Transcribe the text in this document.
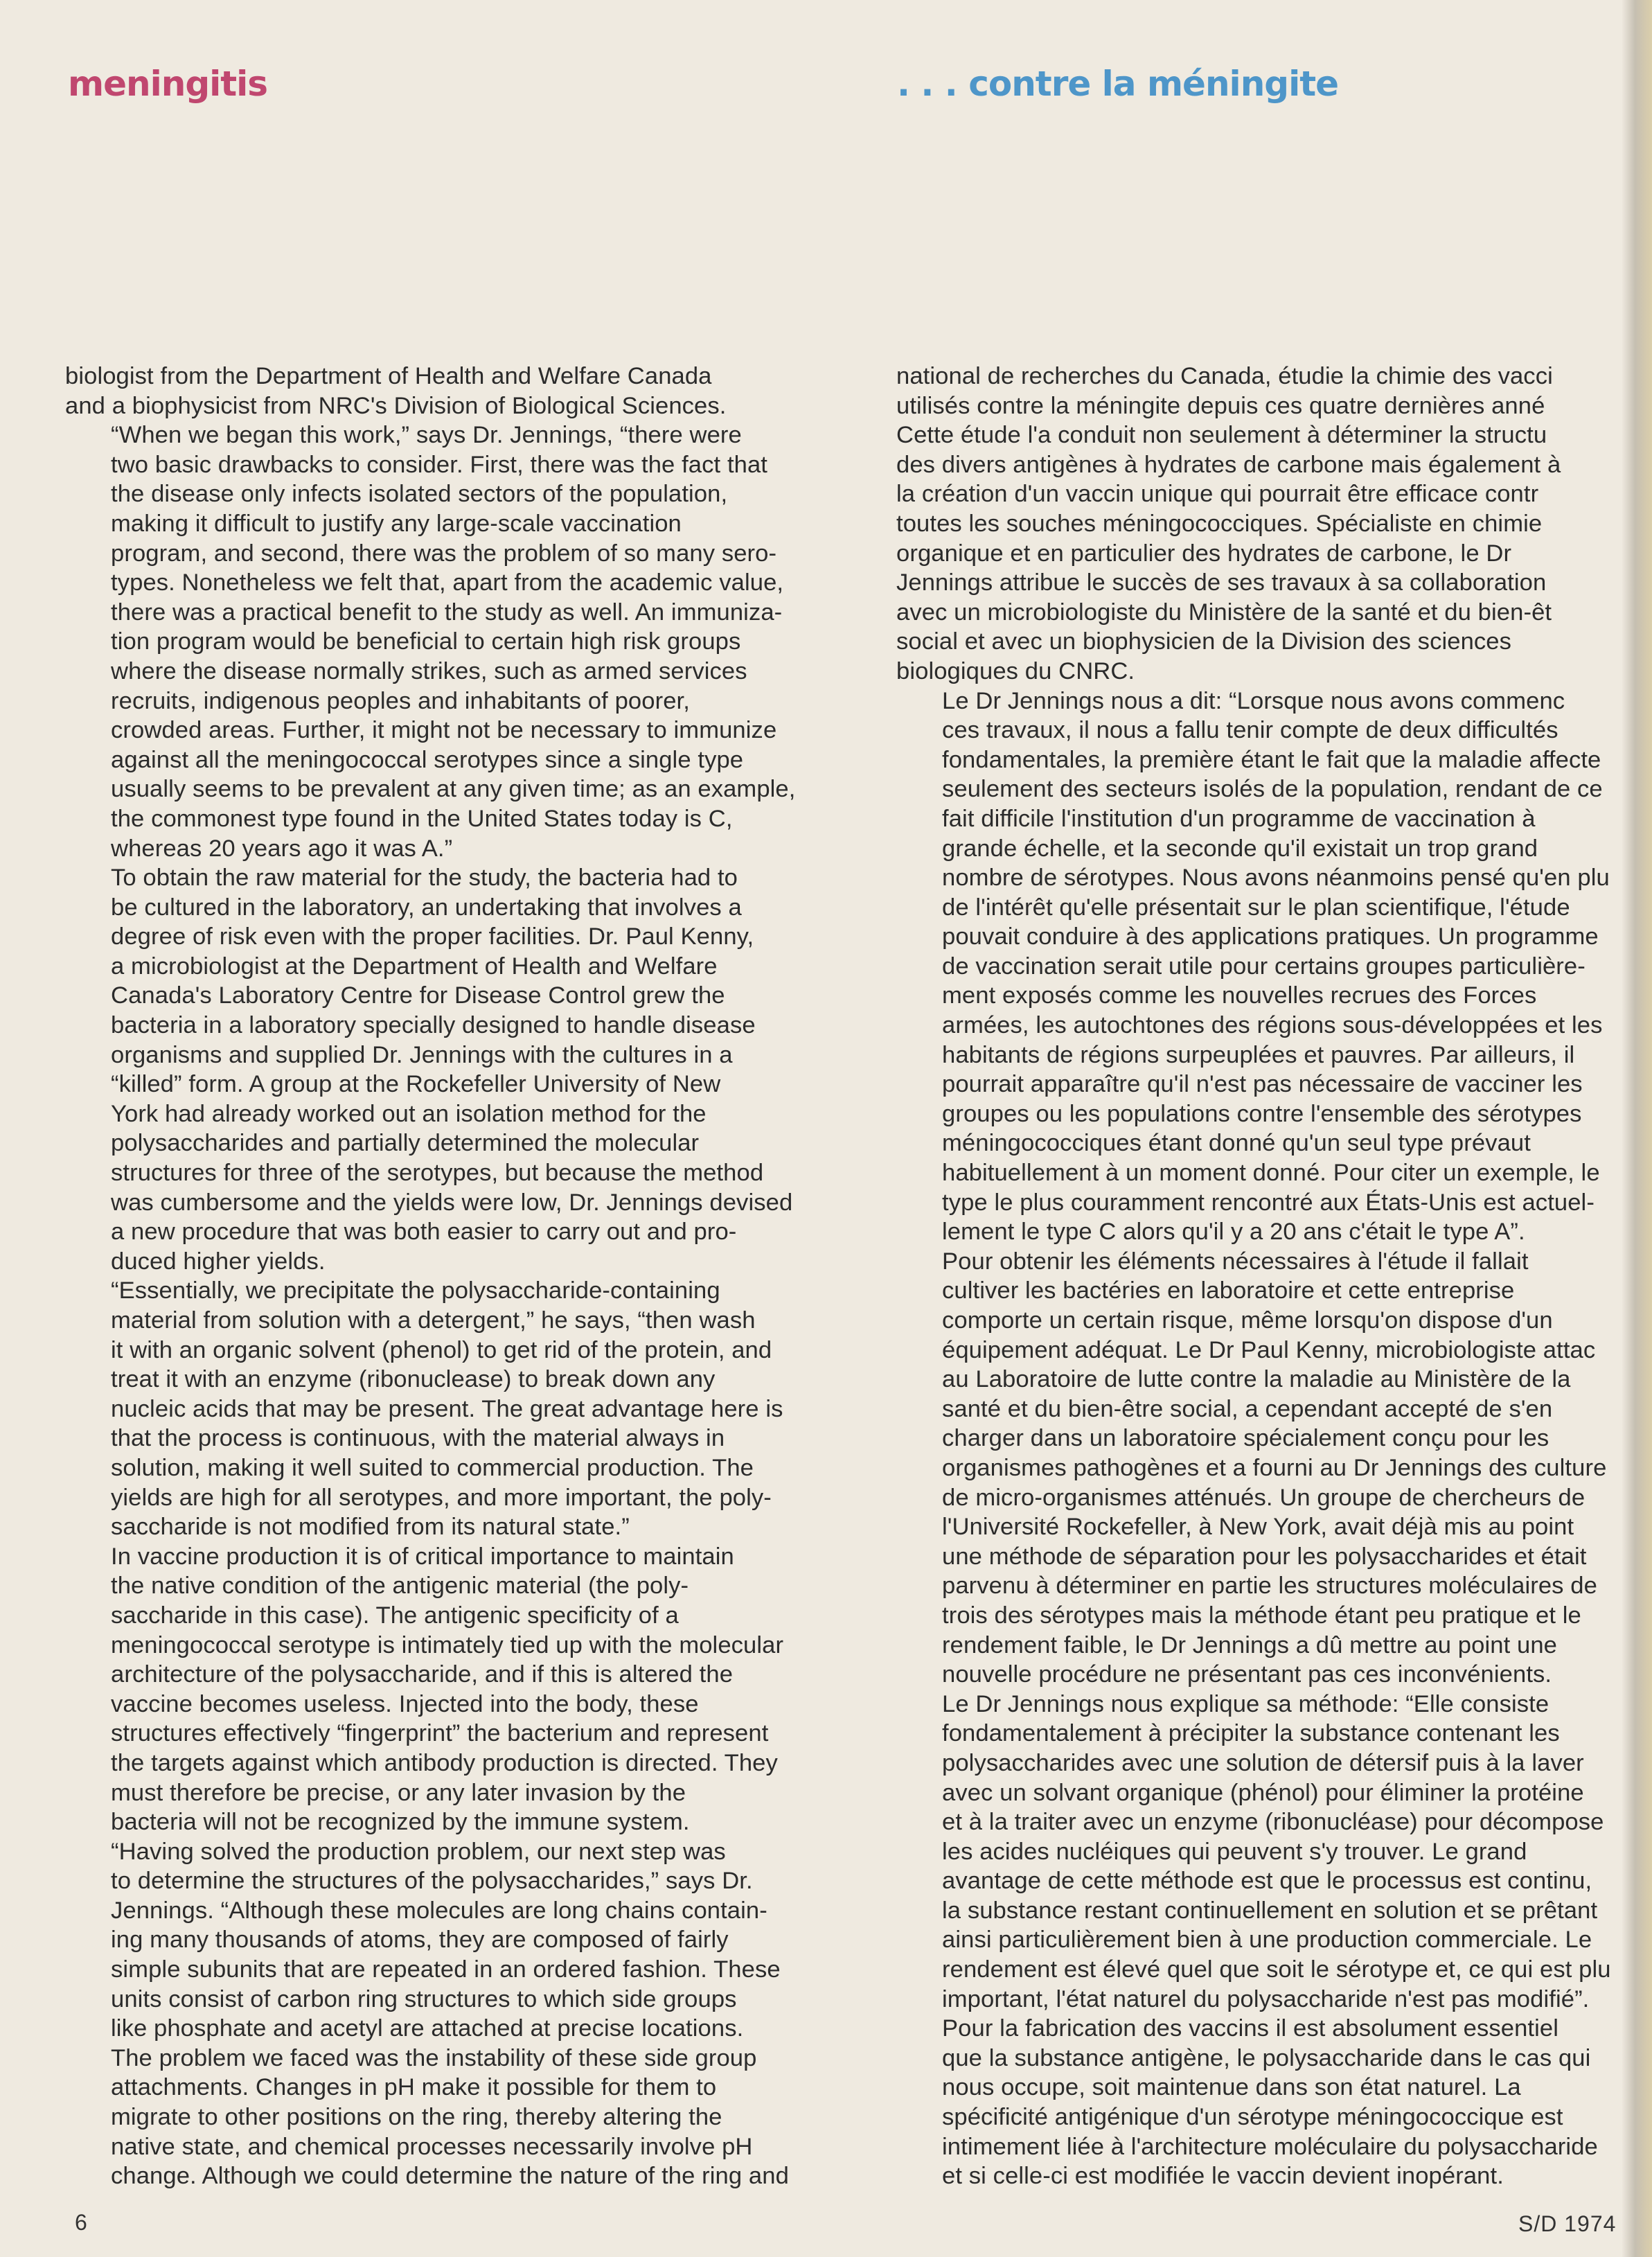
meningitis	. . . contre la méningite

biologist from the Department of Health and Welfare Canada
and a biophysicist from NRC's Division of Biological Sciences.

“When we began this work,” says Dr. Jennings, “there were
two basic drawbacks to consider. First, there was the fact that
the disease only infects isolated sectors of the population,
making it difficult to justify any large-scale vaccination
program, and second, there was the problem of so many sero-
types. Nonetheless we felt that, apart from the academic value,
there was a practical benefit to the study as well. An immuniza-
tion program would be beneficial to certain high risk groups
where the disease normally strikes, such as armed services
recruits, indigenous peoples and inhabitants of poorer,
crowded areas. Further, it might not be necessary to immunize
against all the meningococcal serotypes since a single type
usually seems to be prevalent at any given time; as an example,
the commonest type found in the United States today is C,
whereas 20 years ago it was A.”

To obtain the raw material for the study, the bacteria had to
be cultured in the laboratory, an undertaking that involves a
degree of risk even with the proper facilities. Dr. Paul Kenny,
a microbiologist at the Department of Health and Welfare
Canada's Laboratory Centre for Disease Control grew the
bacteria in a laboratory specially designed to handle disease
organisms and supplied Dr. Jennings with the cultures in a
“killed” form. A group at the Rockefeller University of New
York had already worked out an isolation method for the
polysaccharides and partially determined the molecular
structures for three of the serotypes, but because the method
was cumbersome and the yields were low, Dr. Jennings devised
a new procedure that was both easier to carry out and pro-
duced higher yields.

“Essentially, we precipitate the polysaccharide-containing
material from solution with a detergent,” he says, “then wash
it with an organic solvent (phenol) to get rid of the protein, and
treat it with an enzyme (ribonuclease) to break down any
nucleic acids that may be present. The great advantage here is
that the process is continuous, with the material always in
solution, making it well suited to commercial production. The
yields are high for all serotypes, and more important, the poly-
saccharide is not modified from its natural state.”

In vaccine production it is of critical importance to maintain
the native condition of the antigenic material (the poly-
saccharide in this case). The antigenic specificity of a
meningococcal serotype is intimately tied up with the molecular
architecture of the polysaccharide, and if this is altered the
vaccine becomes useless. Injected into the body, these
structures effectively “fingerprint” the bacterium and represent
the targets against which antibody production is directed. They
must therefore be precise, or any later invasion by the
bacteria will not be recognized by the immune system.

“Having solved the production problem, our next step was
to determine the structures of the polysaccharides,” says Dr.
Jennings. “Although these molecules are long chains contain-
ing many thousands of atoms, they are composed of fairly
simple subunits that are repeated in an ordered fashion. These
units consist of carbon ring structures to which side groups
like phosphate and acetyl are attached at precise locations.
The problem we faced was the instability of these side group
attachments. Changes in pH make it possible for them to
migrate to other positions on the ring, thereby altering the
native state, and chemical processes necessarily involve pH
change. Although we could determine the nature of the ring and

national de recherches du Canada, étudie la chimie des vacci
utilisés contre la méningite depuis ces quatre dernières anné
Cette étude l'a conduit non seulement à déterminer la structu
des divers antigènes à hydrates de carbone mais également à
la création d'un vaccin unique qui pourrait être efficace contr
toutes les souches méningococciques. Spécialiste en chimie
organique et en particulier des hydrates de carbone, le Dr
Jennings attribue le succès de ses travaux à sa collaboration
avec un microbiologiste du Ministère de la santé et du bien-êt
social et avec un biophysicien de la Division des sciences
biologiques du CNRC.

Le Dr Jennings nous a dit: “Lorsque nous avons commenc
ces travaux, il nous a fallu tenir compte de deux difficultés
fondamentales, la première étant le fait que la maladie affecte
seulement des secteurs isolés de la population, rendant de ce
fait difficile l'institution d'un programme de vaccination à
grande échelle, et la seconde qu'il existait un trop grand
nombre de sérotypes. Nous avons néanmoins pensé qu'en plu
de l'intérêt qu'elle présentait sur le plan scientifique, l'étude
pouvait conduire à des applications pratiques. Un programme
de vaccination serait utile pour certains groupes particulière-
ment exposés comme les nouvelles recrues des Forces
armées, les autochtones des régions sous-développées et les
habitants de régions surpeuplées et pauvres. Par ailleurs, il
pourrait apparaître qu'il n'est pas nécessaire de vacciner les
groupes ou les populations contre l'ensemble des sérotypes
méningococciques étant donné qu'un seul type prévaut
habituellement à un moment donné. Pour citer un exemple, le
type le plus couramment rencontré aux États-Unis est actuel-
lement le type C alors qu'il y a 20 ans c'était le type A”.

Pour obtenir les éléments nécessaires à l'étude il fallait
cultiver les bactéries en laboratoire et cette entreprise
comporte un certain risque, même lorsqu'on dispose d'un
équipement adéquat. Le Dr Paul Kenny, microbiologiste attac
au Laboratoire de lutte contre la maladie au Ministère de la
santé et du bien-être social, a cependant accepté de s'en
charger dans un laboratoire spécialement conçu pour les
organismes pathogènes et a fourni au Dr Jennings des culture
de micro-organismes atténués. Un groupe de chercheurs de
l'Université Rockefeller, à New York, avait déjà mis au point
une méthode de séparation pour les polysaccharides et était
parvenu à déterminer en partie les structures moléculaires de
trois des sérotypes mais la méthode étant peu pratique et le
rendement faible, le Dr Jennings a dû mettre au point une
nouvelle procédure ne présentant pas ces inconvénients.

Le Dr Jennings nous explique sa méthode: “Elle consiste
fondamentalement à précipiter la substance contenant les
polysaccharides avec une solution de détersif puis à la laver
avec un solvant organique (phénol) pour éliminer la protéine
et à la traiter avec un enzyme (ribonucléase) pour décompose
les acides nucléiques qui peuvent s'y trouver. Le grand
avantage de cette méthode est que le processus est continu,
la substance restant continuellement en solution et se prêtant
ainsi particulièrement bien à une production commerciale. Le
rendement est élevé quel que soit le sérotype et, ce qui est plu
important, l'état naturel du polysaccharide n'est pas modifié”.

Pour la fabrication des vaccins il est absolument essentiel
que la substance antigène, le polysaccharide dans le cas qui
nous occupe, soit maintenue dans son état naturel. La
spécificité antigénique d'un sérotype méningococcique est
intimement liée à l'architecture moléculaire du polysaccharide
et si celle-ci est modifiée le vaccin devient inopérant.

6	S/D 1974
